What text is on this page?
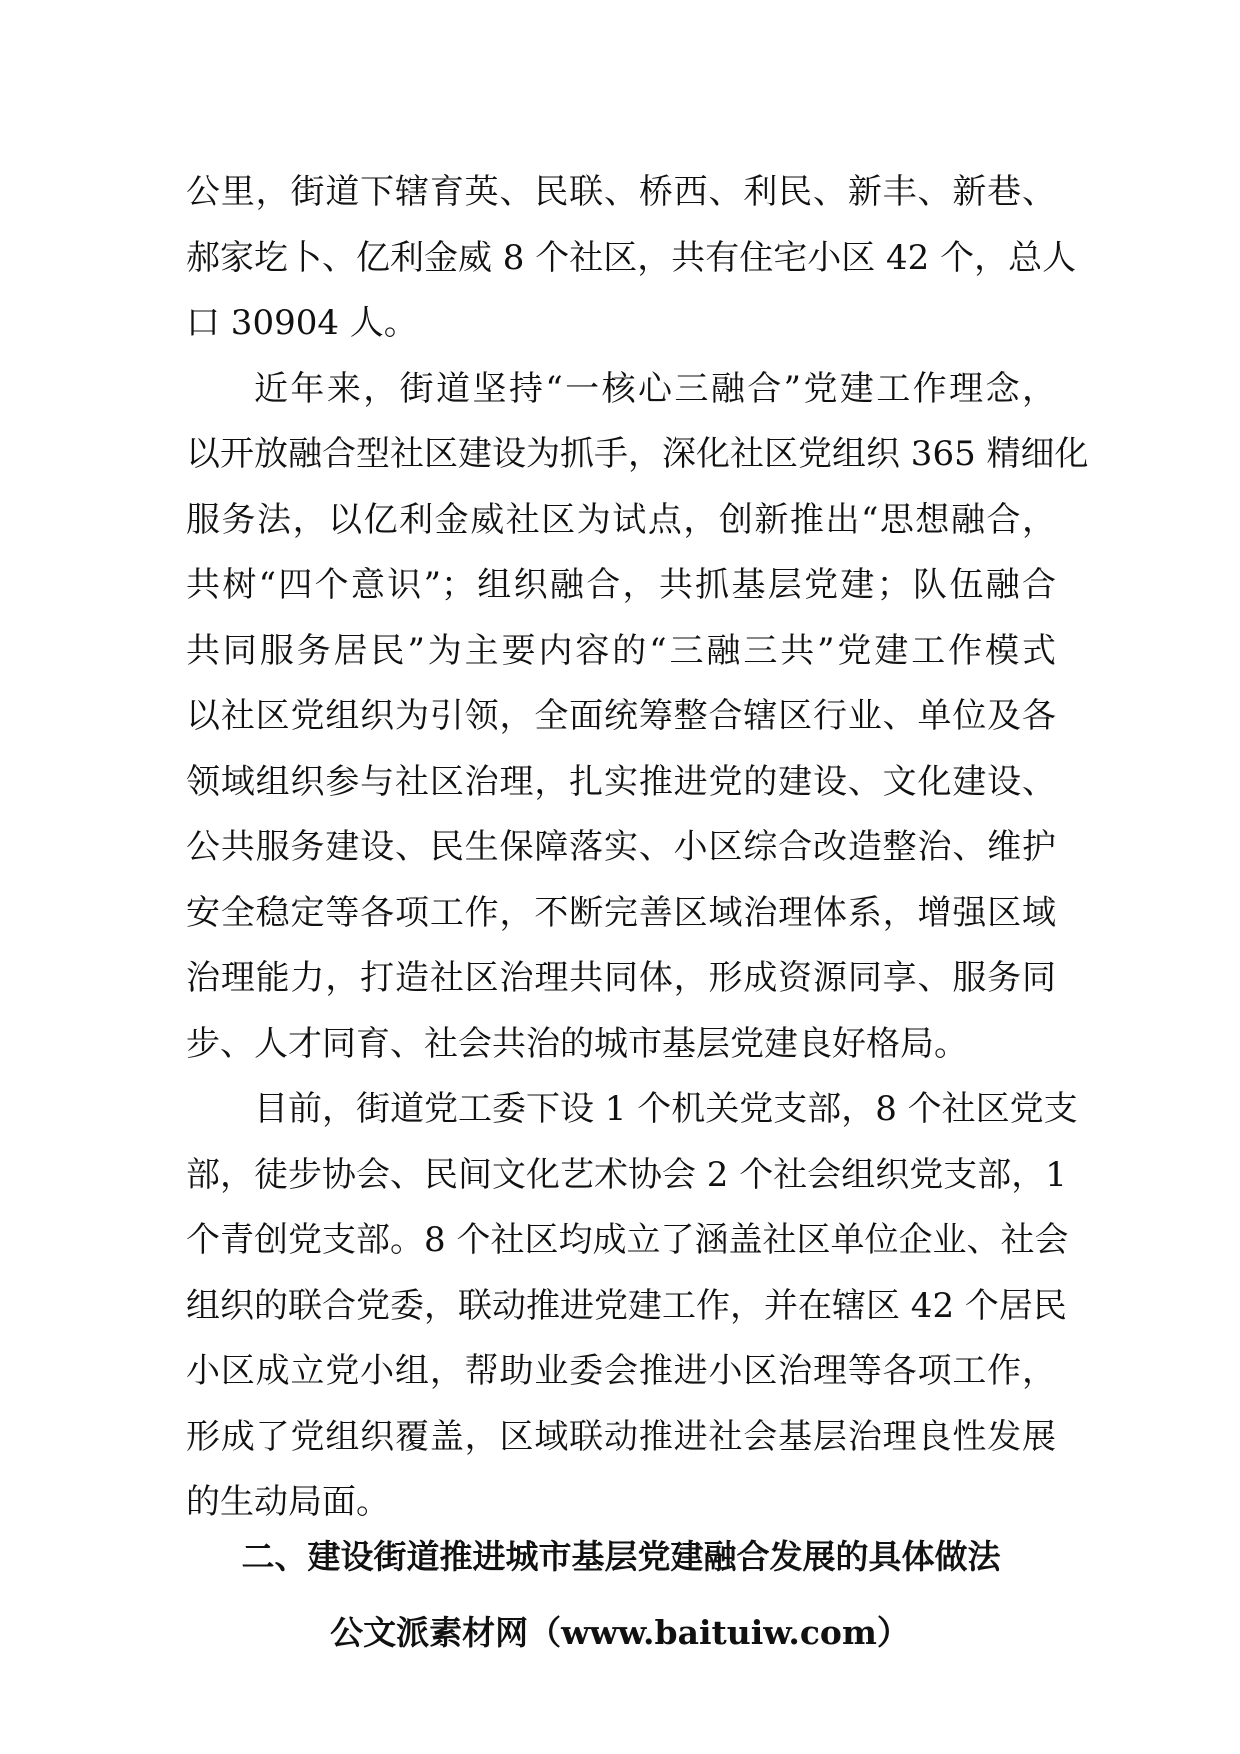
公里，街道下辖育英、民联、桥西、利民、新丰、新巷、
郝家圪卜、亿利金威 8 个社区，共有住宅小区 42 个，总人
口 30904 人。
近年来，街道坚持“一核心三融合”党建工作理念，
以开放融合型社区建设为抓手，深化社区党组织 365 精细化
服务法，以亿利金威社区为试点，创新推出“思想融合，
共树“四个意识”；组织融合，共抓基层党建；队伍融合
共同服务居民”为主要内容的“三融三共”党建工作模式
以社区党组织为引领，全面统筹整合辖区行业、单位及各
领域组织参与社区治理，扎实推进党的建设、文化建设、
公共服务建设、民生保障落实、小区综合改造整治、维护
安全稳定等各项工作，不断完善区域治理体系，增强区域
治理能力，打造社区治理共同体，形成资源同享、服务同
步、人才同育、社会共治的城市基层党建良好格局。
目前，街道党工委下设 1 个机关党支部，8 个社区党支
部，徒步协会、民间文化艺术协会 2 个社会组织党支部，1
个青创党支部。8 个社区均成立了涵盖社区单位企业、社会
组织的联合党委，联动推进党建工作，并在辖区 42 个居民
小区成立党小组，帮助业委会推进小区治理等各项工作，
形成了党组织覆盖，区域联动推进社会基层治理良性发展
的生动局面。
二、建设街道推进城市基层党建融合发展的具体做法
公文派素材网（www.baituiw.com）
